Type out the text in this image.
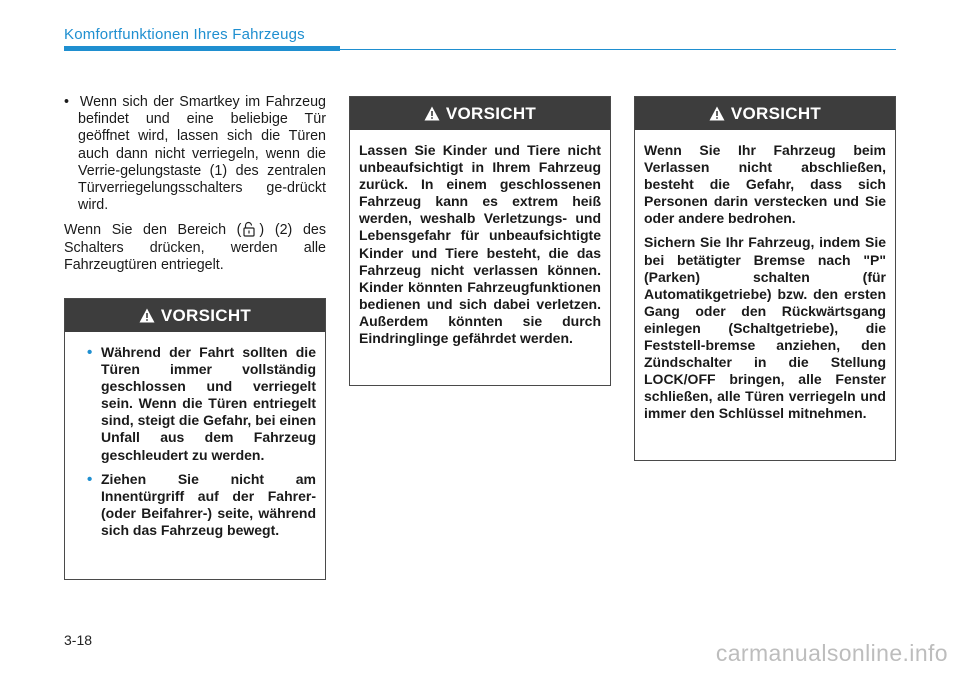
Komfortfunktionen Ihres Fahrzeugs

•  Wenn sich der Smartkey im Fahrzeug befindet und eine beliebige Tür geöffnet wird, lassen sich die Türen auch dann nicht verriegeln, wenn die Verrie-gelungstaste (1) des zentralen Türverriegelungsschalters ge-drückt wird.

Wenn Sie den Bereich ( ) (2) des Schalters drücken, werden alle Fahrzeugtüren entriegelt.

VORSICHT
• Während der Fahrt sollten die Türen immer vollständig geschlossen und verriegelt sein. Wenn die Türen entriegelt sind, steigt die Gefahr, bei einen Unfall aus dem Fahrzeug geschleudert zu werden.
• Ziehen Sie nicht am Innentürgriff auf der Fahrer- (oder Beifahrer-) seite, während sich das Fahrzeug bewegt.
VORSICHT

Lassen Sie Kinder und Tiere nicht unbeaufsichtigt in Ihrem Fahrzeug zurück. In einem geschlossenen Fahrzeug kann es extrem heiß werden, weshalb Verletzungs- und Lebensgefahr für unbeaufsichtigte Kinder und Tiere besteht, die das Fahrzeug nicht verlassen können. Kinder könnten Fahrzeugfunktionen bedienen und sich dabei verletzen. Außerdem könnten sie durch Eindringlinge gefährdet werden.

VORSICHT

Wenn Sie Ihr Fahrzeug beim Verlassen nicht abschließen, besteht die Gefahr, dass sich Personen darin verstecken und Sie oder andere bedrohen.

Sichern Sie Ihr Fahrzeug, indem Sie bei betätigter Bremse nach "P" (Parken) schalten (für Automatikgetriebe) bzw. den ersten Gang oder den Rückwärtsgang einlegen (Schaltgetriebe), die Feststell-bremse anziehen, den Zündschalter in die Stellung LOCK/OFF bringen, alle Fenster schließen, alle Türen verriegeln und immer den Schlüssel mitnehmen.

3-18	carmanualsonline.info
